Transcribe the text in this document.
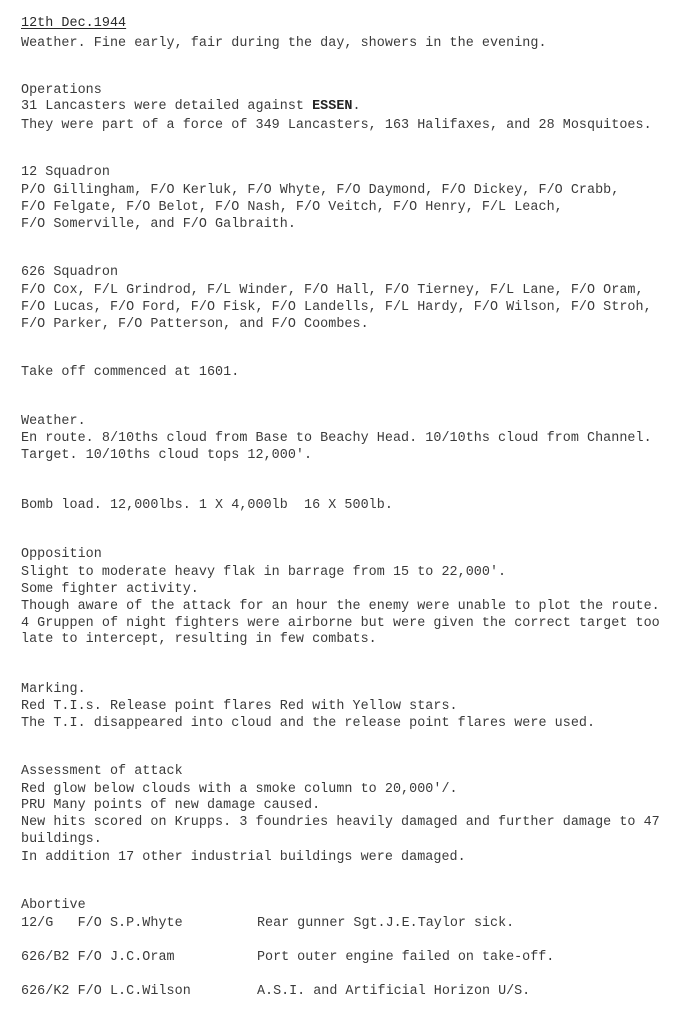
12th Dec.1944
Weather. Fine early, fair during the day, showers in the evening.
Operations
31 Lancasters were detailed against ESSEN.
They were part of a force of 349 Lancasters, 163 Halifaxes, and 28 Mosquitoes.
12 Squadron
P/O Gillingham, F/O Kerluk, F/O Whyte, F/O Daymond, F/O Dickey, F/O Crabb,
F/O Felgate, F/O Belot, F/O Nash, F/O Veitch, F/O Henry, F/L Leach,
F/O Somerville, and F/O Galbraith.
626 Squadron
F/O Cox, F/L Grindrod, F/L Winder, F/O Hall, F/O Tierney, F/L Lane, F/O Oram,
F/O Lucas, F/O Ford, F/O Fisk, F/O Landells, F/L Hardy, F/O Wilson, F/O Stroh,
F/O Parker, F/O Patterson, and F/O Coombes.
Take off commenced at 1601.
Weather.
En route. 8/10ths cloud from Base to Beachy Head. 10/10ths cloud from Channel.
Target. 10/10ths cloud tops 12,000'.
Bomb load. 12,000lbs. 1 X 4,000lb  16 X 500lb.
Opposition
Slight to moderate heavy flak in barrage from 15 to 22,000'.
Some fighter activity.
Though aware of the attack for an hour the enemy were unable to plot the route.
4 Gruppen of night fighters were airborne but were given the correct target too
late to intercept, resulting in few combats.
Marking.
Red T.I.s. Release point flares Red with Yellow stars.
The T.I. disappeared into cloud and the release point flares were used.
Assessment of attack
Red glow below clouds with a smoke column to 20,000'/.
PRU Many points of new damage caused.
New hits scored on Krupps. 3 foundries heavily damaged and further damage to 47
buildings.
In addition 17 other industrial buildings were damaged.
Abortive
12/G   F/O S.P.Whyte	Rear gunner Sgt.J.E.Taylor sick.
626/B2 F/O J.C.Oram	Port outer engine failed on take-off.
626/K2 F/O L.C.Wilson	A.S.I. and Artificial Horizon U/S.
